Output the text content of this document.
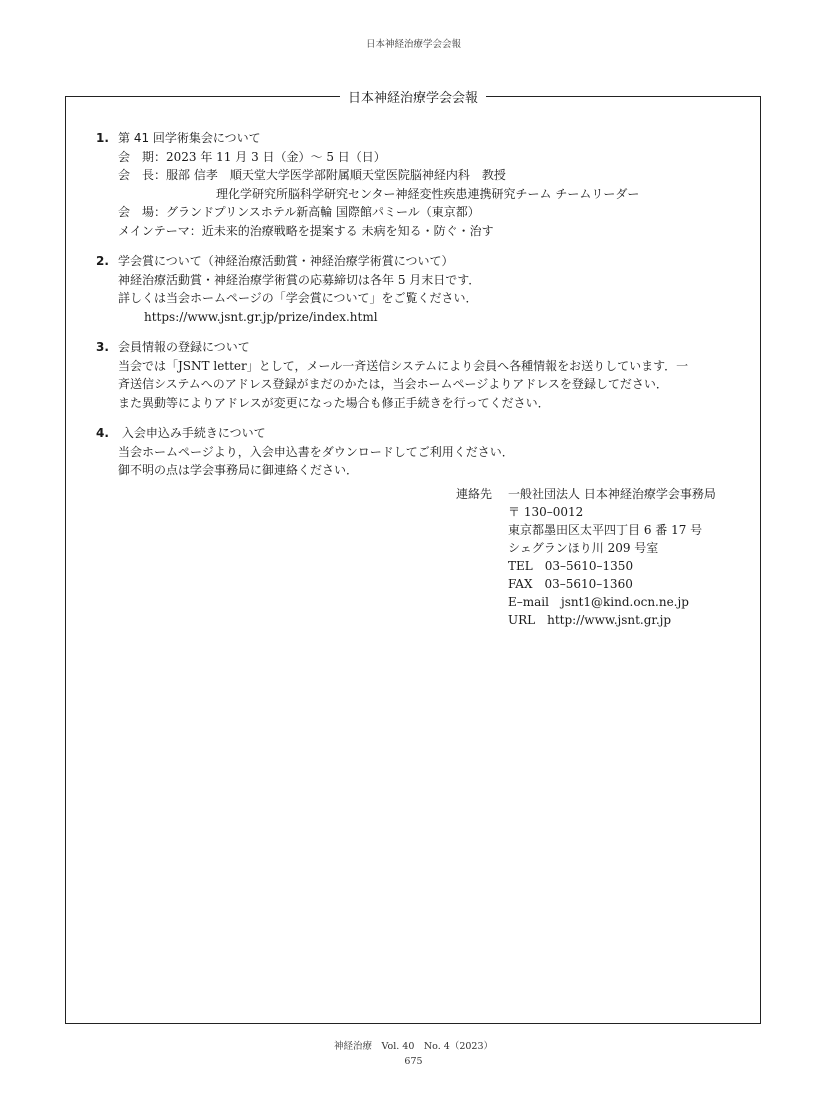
日本神経治療学会会報
日本神経治療学会会報
1. 第 41 回学術集会について
会　期：2023 年 11 月 3 日（金）～ 5 日（日）
会　長：服部 信孝　順天堂大学医学部附属順天堂医院脳神経内科　教授
理化学研究所脳科学研究センター神経変性疾患連携研究チーム チームリーダー
会　場：グランドプリンスホテル新高輪 国際館パミール（東京都）
メインテーマ：近未来的治療戦略を提案する 未病を知る・防ぐ・治す
2. 学会賞について（神経治療活動賞・神経治療学術賞について）
神経治療活動賞・神経治療学術賞の応募締切は各年 5 月末日です．
詳しくは当会ホームページの「学会賞について」をご覧ください．
https://www.jsnt.gr.jp/prize/index.html
3. 会員情報の登録について
当会では「JSNT letter」として，メール一斉送信システムにより会員へ各種情報をお送りしています．一
斉送信システムへのアドレス登録がまだのかたは，当会ホームページよりアドレスを登録してださい．
また異動等によりアドレスが変更になった場合も修正手続きを行ってください．
4. 入会申込み手続きについて
当会ホームページより，入会申込書をダウンロードしてご利用ください．
御不明の点は学会事務局に御連絡ください．
連絡先	一般社団法人 日本神経治療学会事務局
〒 130–0012
東京都墨田区太平四丁目 6 番 17 号
シェグランほり川 209 号室
TEL　03–5610–1350
FAX　03–5610–1360
E–mail　jsnt1@kind.ocn.ne.jp
URL　http://www.jsnt.gr.jp
神経治療　Vol. 40　No. 4（2023）
675
